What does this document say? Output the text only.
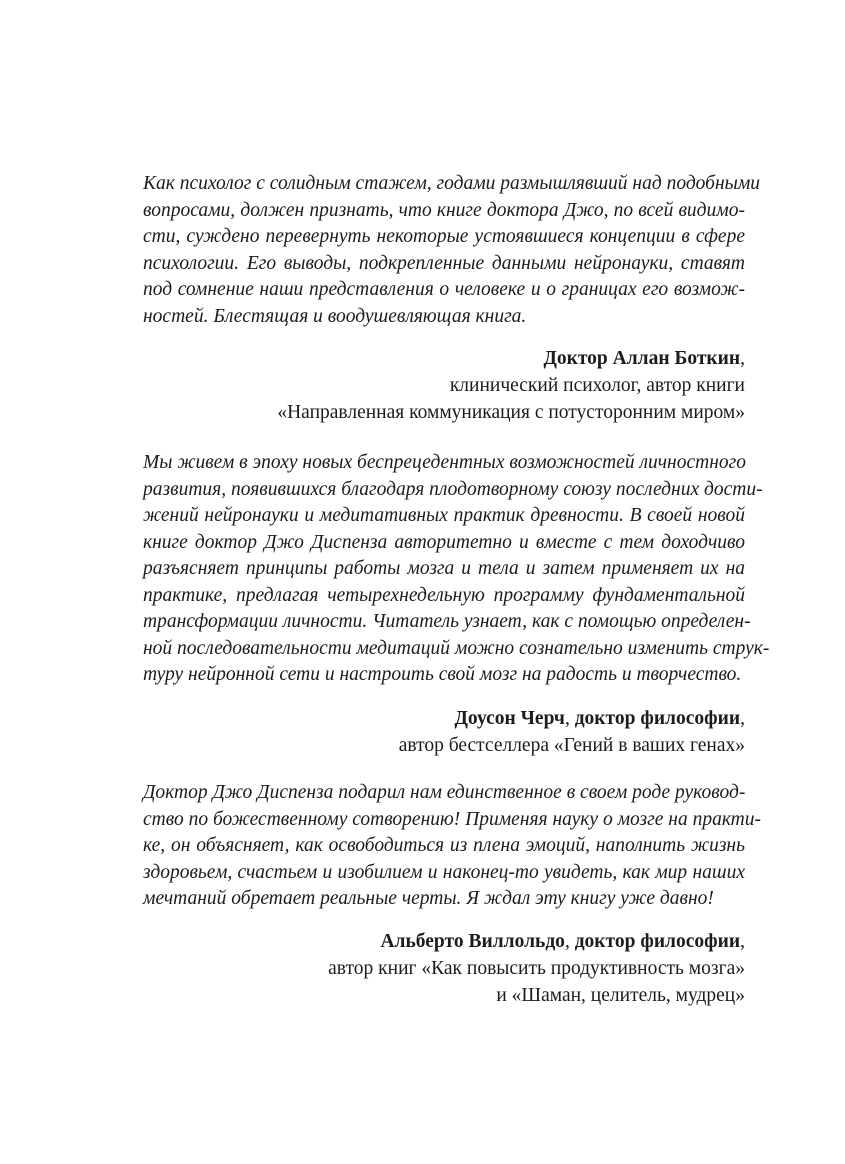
Как психолог с солидным стажем, годами размышлявший над подобными
вопросами, должен признать, что книге доктора Джо, по всей видимо-
сти, суждено перевернуть некоторые устоявшиеся концепции в сфере
психологии. Его выводы, подкрепленные данными нейронауки, ставят
под сомнение наши представления о человеке и о границах его возмож-
ностей. Блестящая и воодушевляющая книга.
Доктор Аллан Боткин,
клинический психолог, автор книги
«Направленная коммуникация с потусторонним миром»
Мы живем в эпоху новых беспрецедентных возможностей личностного
развития, появившихся благодаря плодотворному союзу последних дости-
жений нейронауки и медитативных практик древности. В своей новой
книге доктор Джо Диспенза авторитетно и вместе с тем доходчиво
разъясняет принципы работы мозга и тела и затем применяет их на
практике, предлагая четырехнедельную программу фундаментальной
трансформации личности. Читатель узнает, как с помощью определен-
ной последовательности медитаций можно сознательно изменить струк-
туру нейронной сети и настроить свой мозг на радость и творчество.
Доусон Черч, доктор философии,
автор бестселлера «Гений в ваших генах»
Доктор Джо Диспенза подарил нам единственное в своем роде руковод-
ство по божественному сотворению! Применяя науку о мозге на практи-
ке, он объясняет, как освободиться из плена эмоций, наполнить жизнь
здоровьем, счастьем и изобилием и наконец-то увидеть, как мир наших
мечтаний обретает реальные черты. Я ждал эту книгу уже давно!
Альберто Виллольдо, доктор философии,
автор книг «Как повысить продуктивность мозга»
и «Шаман, целитель, мудрец»
